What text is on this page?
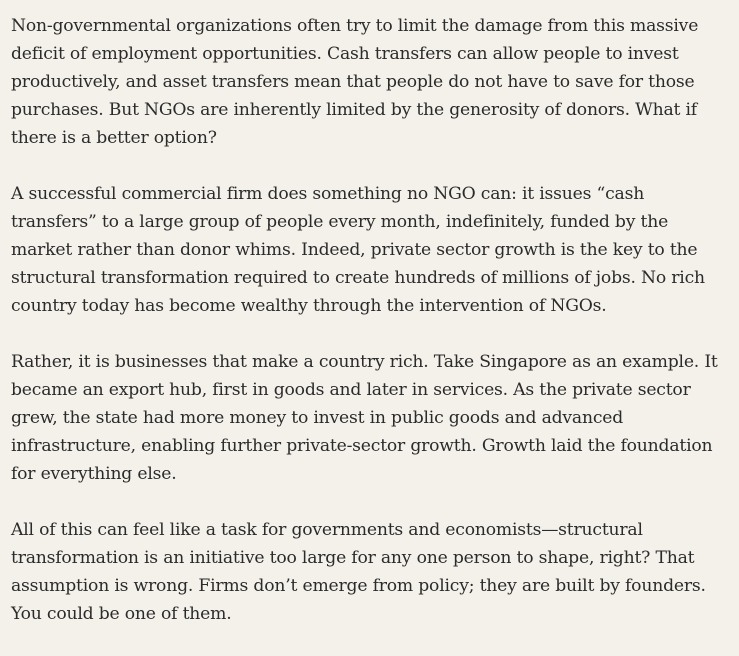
Non-governmental organizations often try to limit the damage from this massive deficit of employment opportunities. Cash transfers can allow people to invest productively, and asset transfers mean that people do not have to save for those purchases. But NGOs are inherently limited by the generosity of donors. What if there is a better option?

A successful commercial firm does something no NGO can: it issues “cash transfers” to a large group of people every month, indefinitely, funded by the market rather than donor whims. Indeed, private sector growth is the key to the structural transformation required to create hundreds of millions of jobs. No rich country today has become wealthy through the intervention of NGOs.

Rather, it is businesses that make a country rich. Take Singapore as an example. It became an export hub, first in goods and later in services. As the private sector grew, the state had more money to invest in public goods and advanced infrastructure, enabling further private-sector growth. Growth laid the foundation for everything else.

All of this can feel like a task for governments and economists—structural transformation is an initiative too large for any one person to shape, right? That assumption is wrong. Firms don’t emerge from policy; they are built by founders. You could be one of them.
